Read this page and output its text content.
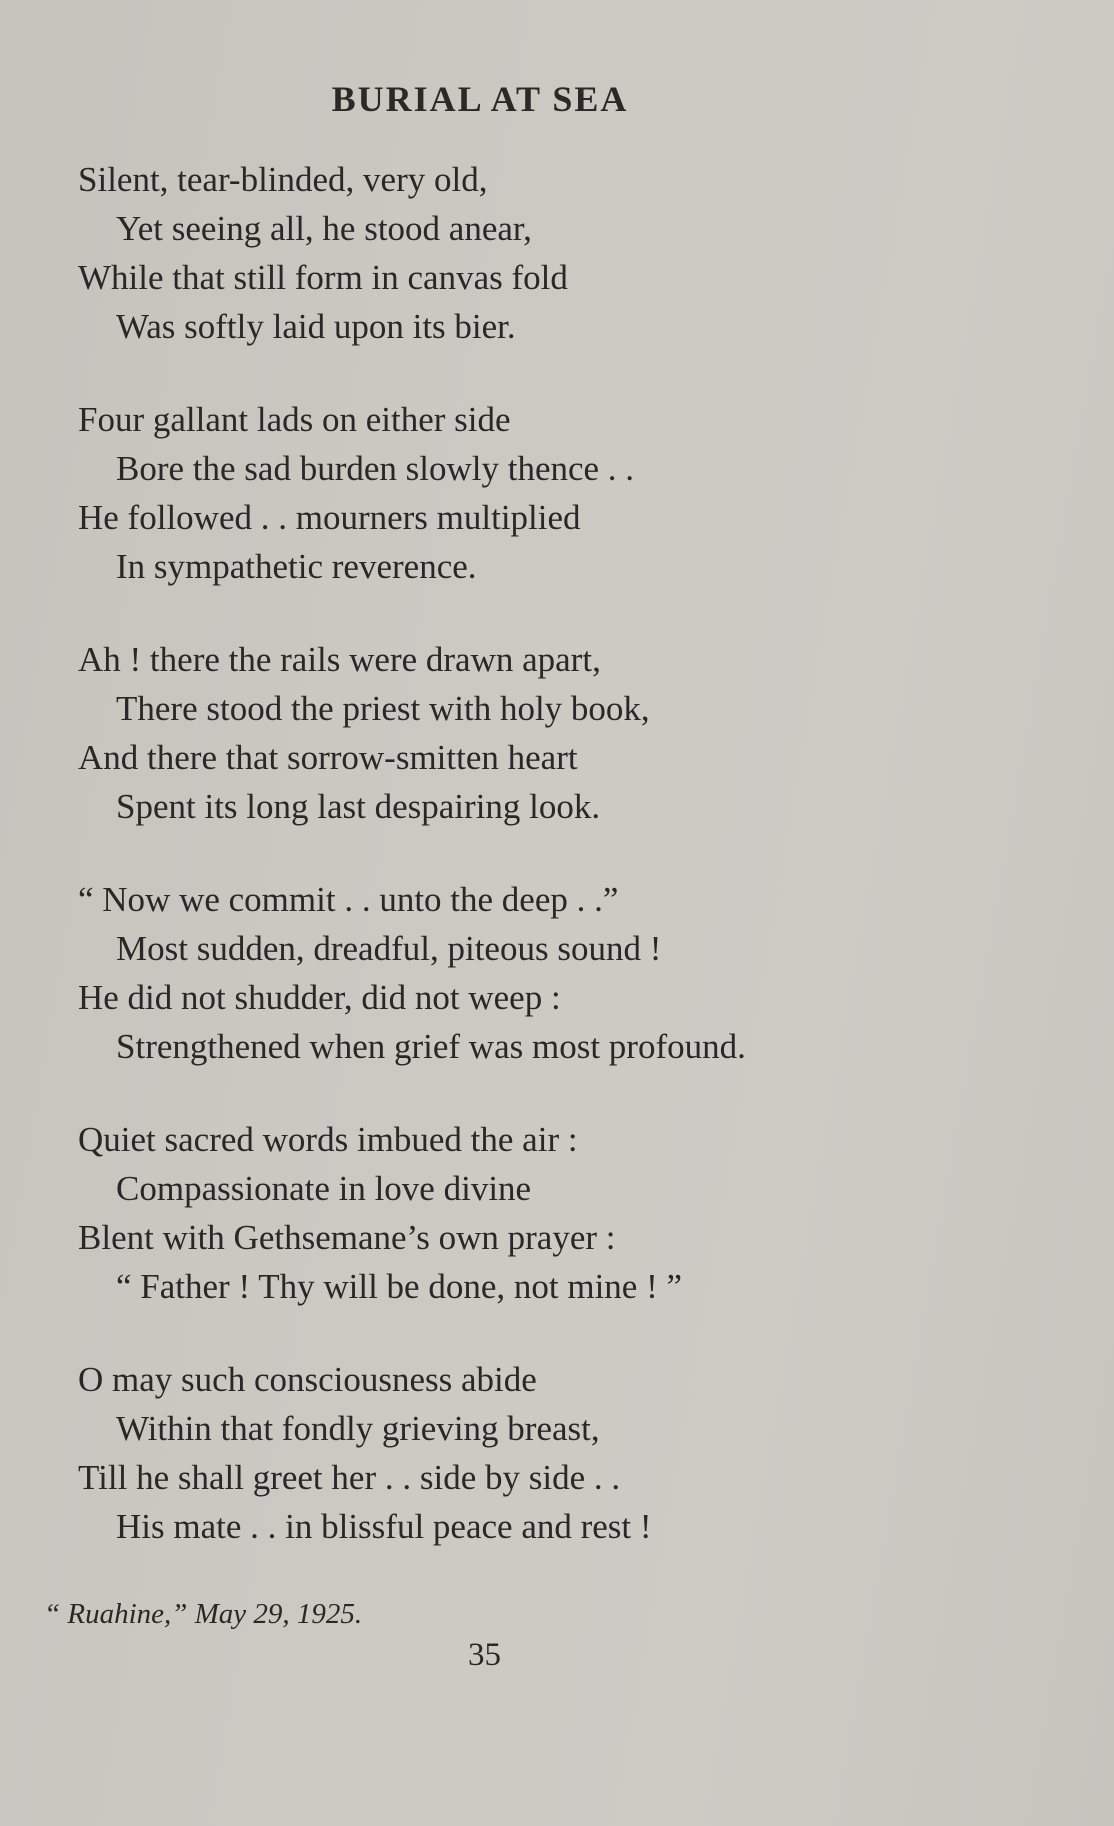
BURIAL AT SEA
Silent, tear-blinded, very old,
Yet seeing all, he stood anear,
While that still form in canvas fold
Was softly laid upon its bier.
Four gallant lads on either side
Bore the sad burden slowly thence . .
He followed . . mourners multiplied
In sympathetic reverence.
Ah ! there the rails were drawn apart,
There stood the priest with holy book,
And there that sorrow-smitten heart
Spent its long last despairing look.
“ Now we commit . . unto the deep . .”
Most sudden, dreadful, piteous sound !
He did not shudder, did not weep :
Strengthened when grief was most profound.
Quiet sacred words imbued the air :
Compassionate in love divine
Blent with Gethsemane’s own prayer :
“ Father ! Thy will be done, not mine ! ”
O may such consciousness abide
Within that fondly grieving breast,
Till he shall greet her . . side by side . .
His mate . . in blissful peace and rest !
“ Ruahine,” May 29, 1925.
35
